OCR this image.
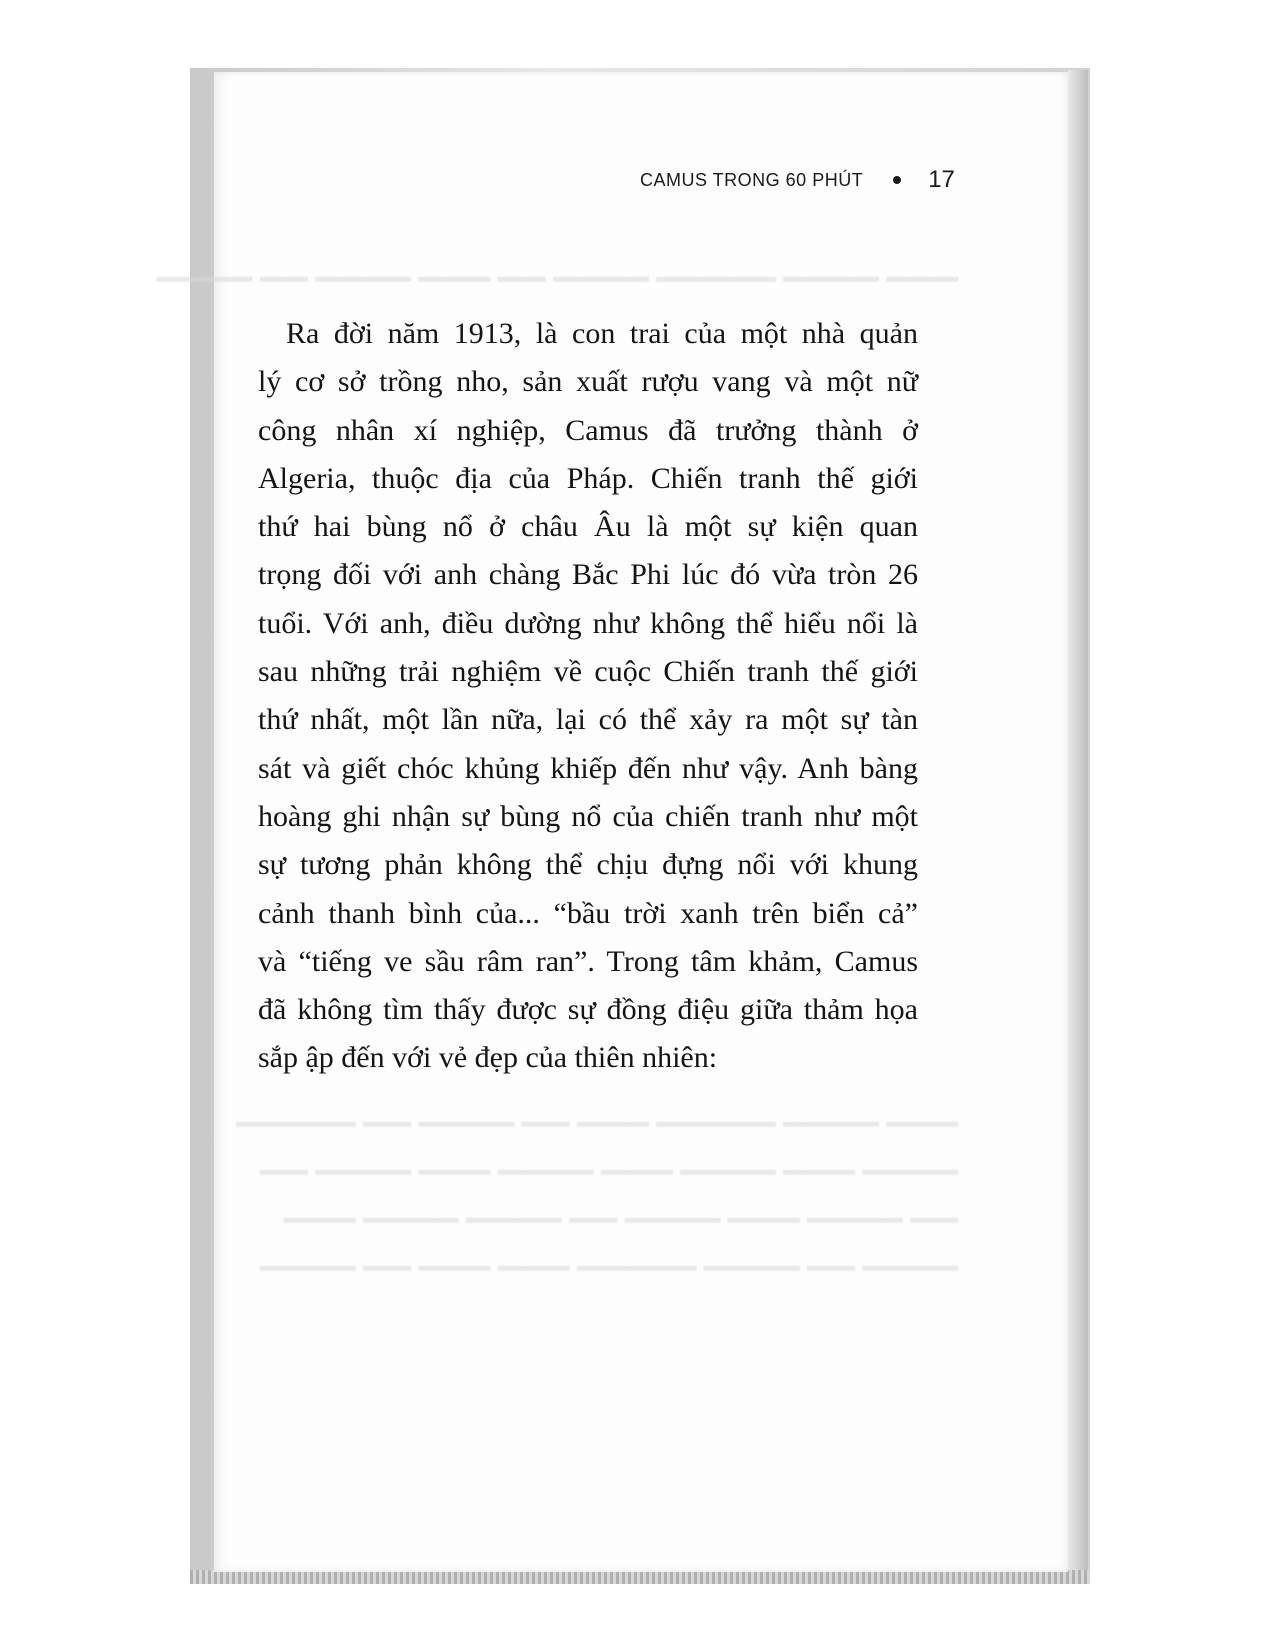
▁▁▁ ▁▁▁▁ ▁▁▁▁▁ ▁▁▁▁ ▁▁ ▁▁▁ ▁▁▁▁ ▁▁ ▁▁▁▁
▁▁▁ ▁▁▁▁ ▁▁▁▁▁ ▁▁▁ ▁▁ ▁▁▁▁ ▁▁ ▁▁▁▁▁
▁▁▁▁ ▁▁▁ ▁▁▁▁ ▁▁▁ ▁▁▁▁ ▁▁▁ ▁▁▁▁ ▁▁
▁▁ ▁▁▁▁ ▁▁▁ ▁▁▁▁ ▁▁ ▁▁▁▁ ▁▁▁▁ ▁▁▁
▁▁▁▁ ▁▁ ▁▁▁▁ ▁▁▁▁▁ ▁▁▁ ▁▁▁ ▁▁ ▁▁▁▁
CAMUS TRONG 60 PHÚT	17

Ra đời năm 1913, là con trai của một nhà quản
lý cơ sở trồng nho, sản xuất rượu vang và một nữ
công nhân xí nghiệp, Camus đã trưởng thành ở
Algeria, thuộc địa của Pháp. Chiến tranh thế giới
thứ hai bùng nổ ở châu Âu là một sự kiện quan
trọng đối với anh chàng Bắc Phi lúc đó vừa tròn 26
tuổi. Với anh, điều dường như không thể hiểu nổi là
sau những trải nghiệm về cuộc Chiến tranh thế giới
thứ nhất, một lần nữa, lại có thể xảy ra một sự tàn
sát và giết chóc khủng khiếp đến như vậy. Anh bàng
hoàng ghi nhận sự bùng nổ của chiến tranh như một
sự tương phản không thể chịu đựng nổi với khung
cảnh thanh bình của... “bầu trời xanh trên biển cả”
và “tiếng ve sầu râm ran”. Trong tâm khảm, Camus
đã không tìm thấy được sự đồng điệu giữa thảm họa
sắp ập đến với vẻ đẹp của thiên nhiên:
